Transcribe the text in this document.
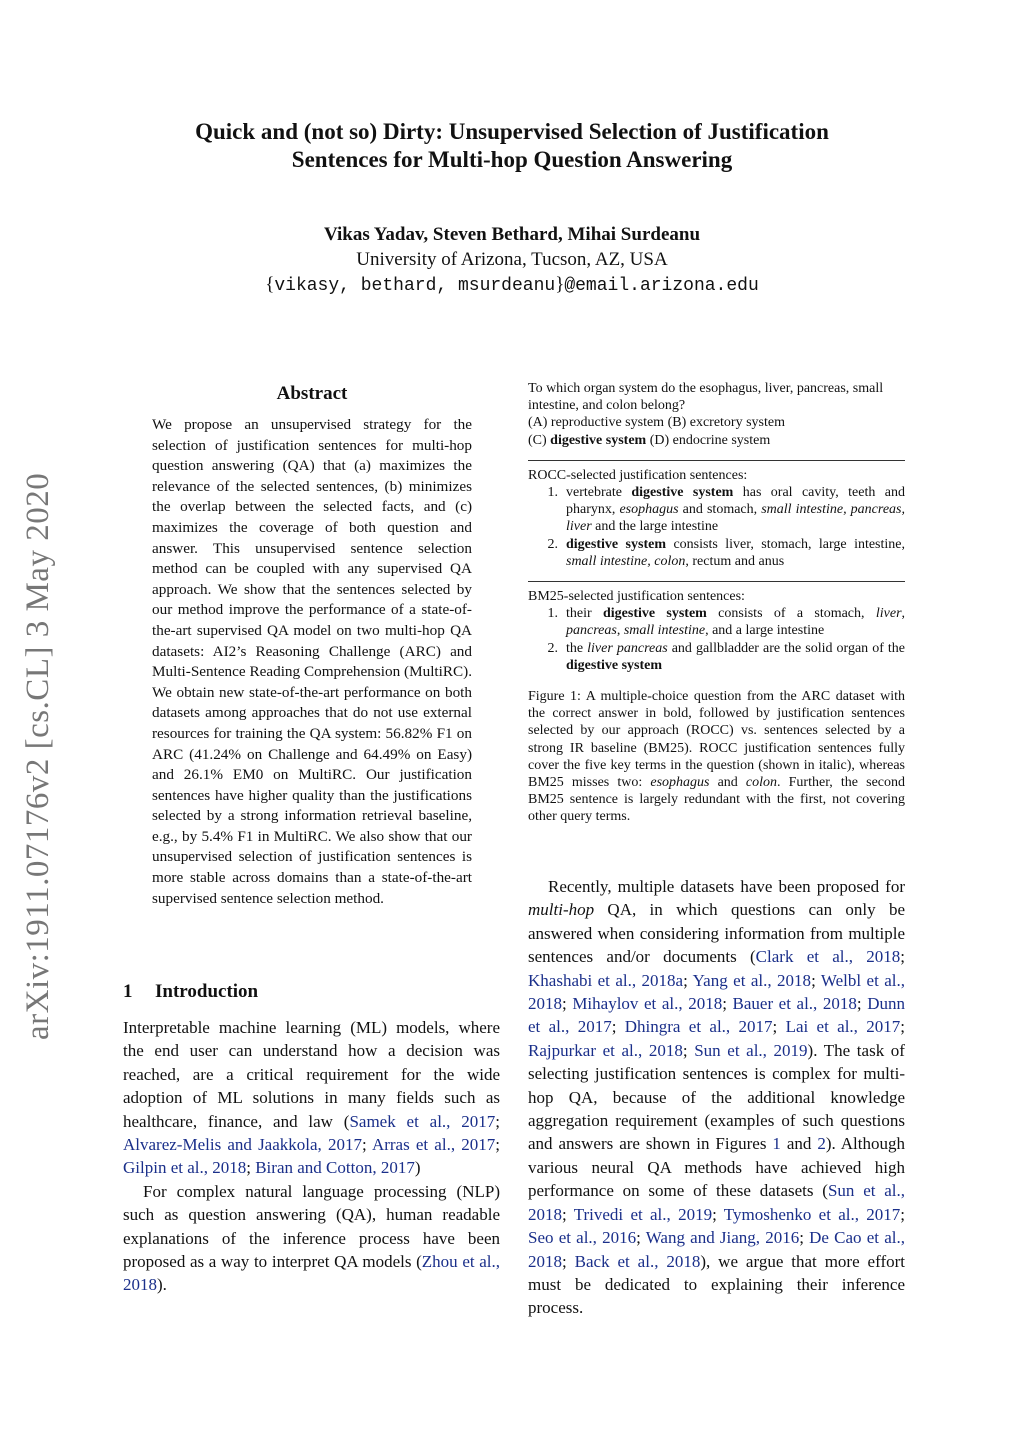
Quick and (not so) Dirty: Unsupervised Selection of Justification
Sentences for Multi-hop Question Answering
Vikas Yadav, Steven Bethard, Mihai Surdeanu
University of Arizona, Tucson, AZ, USA
{vikasy, bethard, msurdeanu}@email.arizona.edu
arXiv:1911.07176v2 [cs.CL] 3 May 2020
Abstract
We propose an unsupervised strategy for the selection of justification sentences for multi-hop question answering (QA) that (a) maximizes the relevance of the selected sentences, (b) minimizes the overlap between the selected facts, and (c) maximizes the coverage of both question and answer. This unsupervised sentence selection method can be coupled with any supervised QA approach. We show that the sentences selected by our method improve the performance of a state-of-the-art supervised QA model on two multi-hop QA datasets: AI2’s Reasoning Challenge (ARC) and Multi-Sentence Reading Comprehension (MultiRC). We obtain new state-of-the-art performance on both datasets among approaches that do not use external resources for training the QA system: 56.82% F1 on ARC (41.24% on Challenge and 64.49% on Easy) and 26.1% EM0 on MultiRC. Our justification sentences have higher quality than the justifications selected by a strong information retrieval baseline, e.g., by 5.4% F1 in MultiRC. We also show that our unsupervised selection of justification sentences is more stable across domains than a state-of-the-art supervised sentence selection method.
1 Introduction

Interpretable machine learning (ML) models, where the end user can understand how a decision was reached, are a critical requirement for the wide adoption of ML solutions in many fields such as healthcare, finance, and law (Samek et al., 2017; Alvarez-Melis and Jaakkola, 2017; Arras et al., 2017; Gilpin et al., 2018; Biran and Cotton, 2017)

For complex natural language processing (NLP) such as question answering (QA), human readable explanations of the inference process have been proposed as a way to interpret QA models (Zhou et al., 2018).

To which organ system do the esophagus, liver, pancreas, small intestine, and colon belong?

(A) reproductive system (B) excretory system

(C) digestive system (D) endocrine system

ROCC-selected justification sentences:
1. vertebrate digestive system has oral cavity, teeth and pharynx, esophagus and stomach, small intestine, pancreas, liver and the large intestine
2. digestive system consists liver, stomach, large intestine, small intestine, colon, rectum and anus
BM25-selected justification sentences:
1. their digestive system consists of a stomach, liver, pancreas, small intestine, and a large intestine
2. the liver pancreas and gallbladder are the solid organ of the digestive system
Figure 1: A multiple-choice question from the ARC dataset with the correct answer in bold, followed by justification sentences selected by our approach (ROCC) vs. sentences selected by a strong IR baseline (BM25). ROCC justification sentences fully cover the five key terms in the question (shown in italic), whereas BM25 misses two: esophagus and colon. Further, the second BM25 sentence is largely redundant with the first, not covering other query terms.
Recently, multiple datasets have been proposed for multi-hop QA, in which questions can only be answered when considering information from multiple sentences and/or documents (Clark et al., 2018; Khashabi et al., 2018a; Yang et al., 2018; Welbl et al., 2018; Mihaylov et al., 2018; Bauer et al., 2018; Dunn et al., 2017; Dhingra et al., 2017; Lai et al., 2017; Rajpurkar et al., 2018; Sun et al., 2019). The task of selecting justification sentences is complex for multi-hop QA, because of the additional knowledge aggregation requirement (examples of such questions and answers are shown in Figures 1 and 2). Although various neural QA methods have achieved high performance on some of these datasets (Sun et al., 2018; Trivedi et al., 2019; Tymoshenko et al., 2017; Seo et al., 2016; Wang and Jiang, 2016; De Cao et al., 2018; Back et al., 2018), we argue that more effort must be dedicated to explaining their inference process.
